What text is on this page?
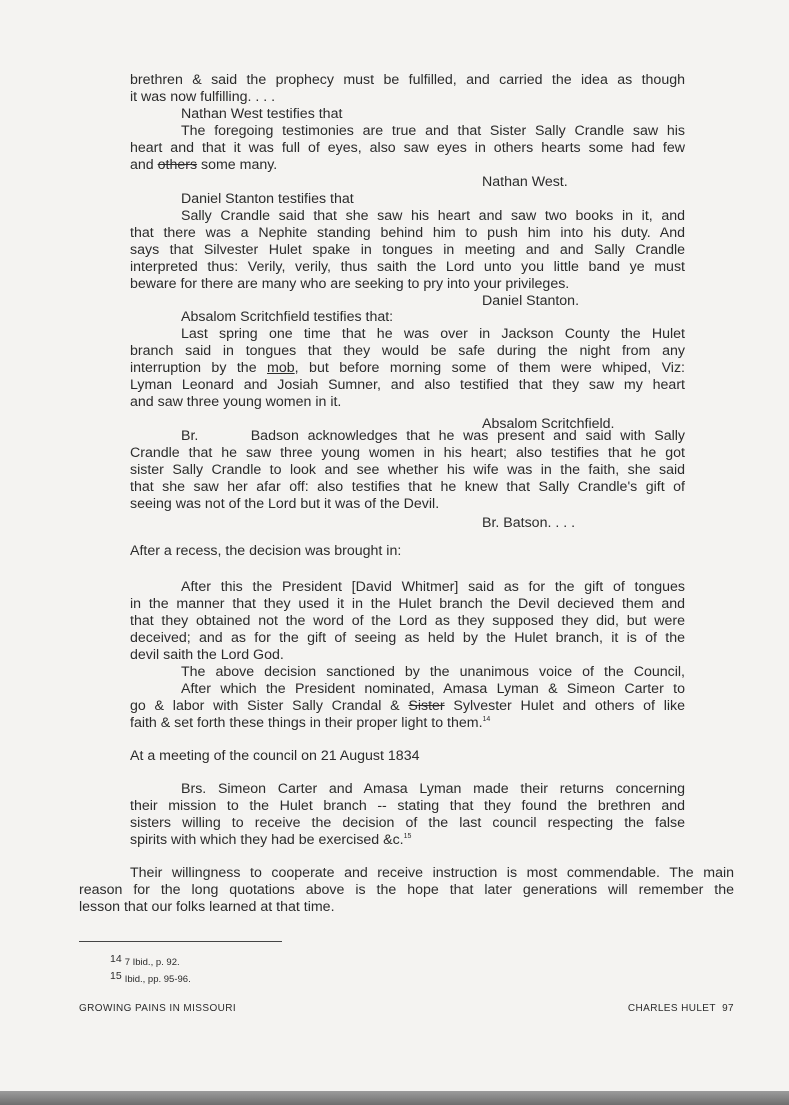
brethren & said the prophecy must be fulfilled, and carried the idea as though

it was now fulfilling. . . .

Nathan West testifies that

The foregoing testimonies are true and that Sister Sally Crandle saw his

heart and that it was full of eyes, also saw eyes in others hearts some had few

and others some many.

Nathan West.

Daniel Stanton testifies that

Sally Crandle said that she saw his heart and saw two books in it, and

that there was a Nephite standing behind him to push him into his duty. And

says that Silvester Hulet spake in tongues in meeting and and Sally Crandle

interpreted thus: Verily, verily, thus saith the Lord unto you little band ye must

beware for there are many who are seeking to pry into your privileges.

Daniel Stanton.

Absalom Scritchfield testifies that:

Last spring one time that he was over in Jackson County the Hulet

branch said in tongues that they would be safe during the night from any

interruption by the mob, but before morning some of them were whiped, Viz:

Lyman Leonard and Josiah Sumner, and also testified that they saw my heart

and saw three young women in it.

Absalom Scritchfield.

Br.      Badson acknowledges that he was present and said with Sally

Crandle that he saw three young women in his heart; also testifies that he got

sister Sally Crandle to look and see whether his wife was in the faith, she said

that she saw her afar off: also testifies that he knew that Sally Crandle's gift of

seeing was not of the Lord but it was of the Devil.

Br. Batson. . . .

After a recess, the decision was brought in:

After this the President [David Whitmer] said as for the gift of tongues

in the manner that they used it in the Hulet branch the Devil decieved them and

that they obtained not the word of the Lord as they supposed they did, but were

deceived; and as for the gift of seeing as held by the Hulet branch, it is of the

devil saith the Lord God.

The above decision sanctioned by the unanimous voice of the Council,

After which the President nominated, Amasa Lyman & Simeon Carter to

go & labor with Sister Sally Crandal & Sister Sylvester Hulet and others of like

faith & set forth these things in their proper light to them.$^{14}$

At a meeting of the council on 21 August 1834

Brs. Simeon Carter and Amasa Lyman made their returns concerning

their mission to the Hulet branch -- stating that they found the brethren and

sisters willing to receive the decision of the last council respecting the false

spirits with which they had be exercised &c.$^{15}$

Their willingness to cooperate and receive instruction is most commendable. The main

reason for the long quotations above is the hope that later generations will remember the

lesson that our folks learned at that time.

14 7 Ibid., p. 92.
15 Ibid., pp. 95-96.
GROWING PAINS IN MISSOURI	CHARLES HULET  97
